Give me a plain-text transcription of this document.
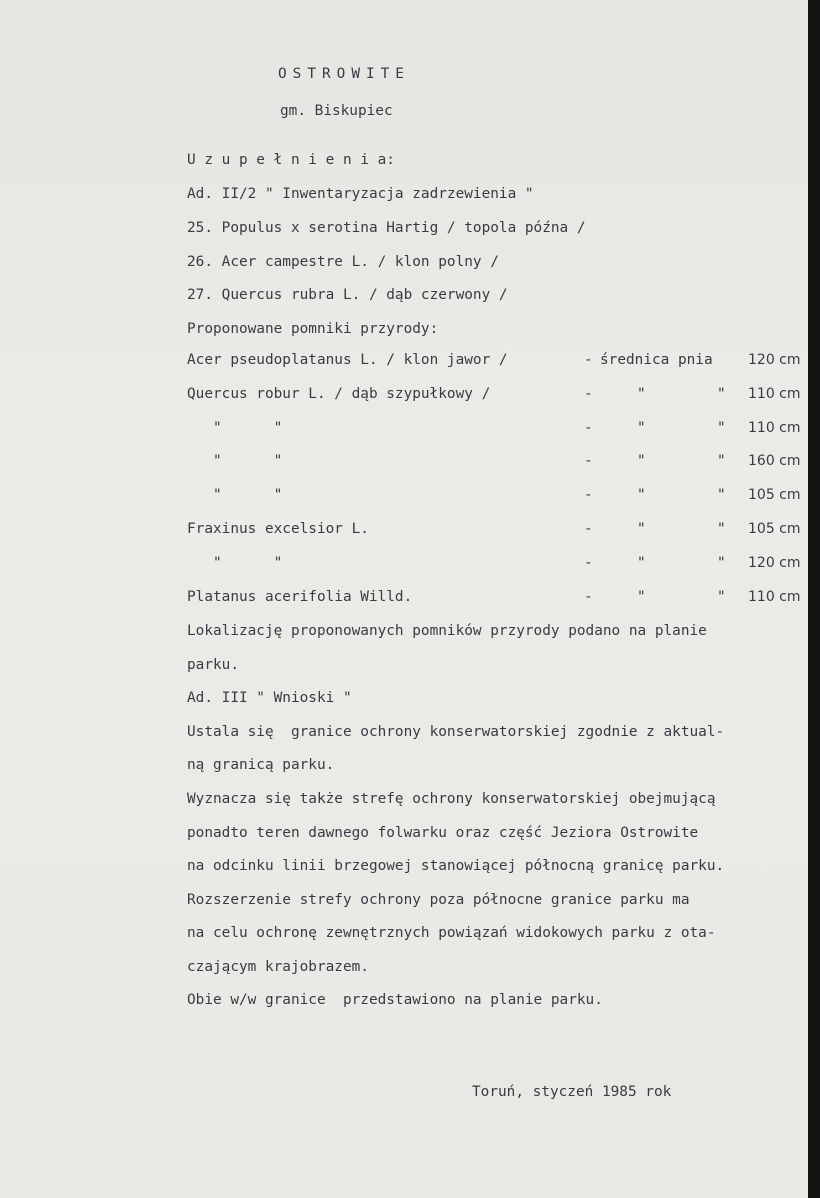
OSTROWITE
gm. Biskupiec
U z u p e ł n i e n i a:
Ad. II/2 " Inwentaryzacja zadrzewienia "
25. Populus x serotina Hartig / topola późna /
26. Acer campestre L. / klon polny /
27. Quercus rubra L. / dąb czerwony /
Proponowane pomniki przyrody:
Acer pseudoplatanus L. / klon jawor /	- średnica pnia	120 cm
Quercus robur L. / dąb szypułkowy /	-	"	" 110 cm
"      "	-	"	" 110 cm
"      "	-	"	" 160 cm
"      "	-	"	" 105 cm
Fraxinus excelsior L.	-	"	" 105 cm
"      "	-	"	" 120 cm
Platanus acerifolia Willd.	-	"	" 110 cm
Lokalizację proponowanych pomników przyrody podano na planie
parku.
Ad. III " Wnioski "
Ustala się  granice ochrony konserwatorskiej zgodnie z aktual-
ną granicą parku.
Wyznacza się także strefę ochrony konserwatorskiej obejmującą
ponadto teren dawnego folwarku oraz część Jeziora Ostrowite
na odcinku linii brzegowej stanowiącej północną granicę parku.
Rozszerzenie strefy ochrony poza północne granice parku ma
na celu ochronę zewnętrznych powiązań widokowych parku z ota-
czającym krajobrazem.
Obie w/w granice  przedstawiono na planie parku.
Toruń, styczeń 1985 rok
